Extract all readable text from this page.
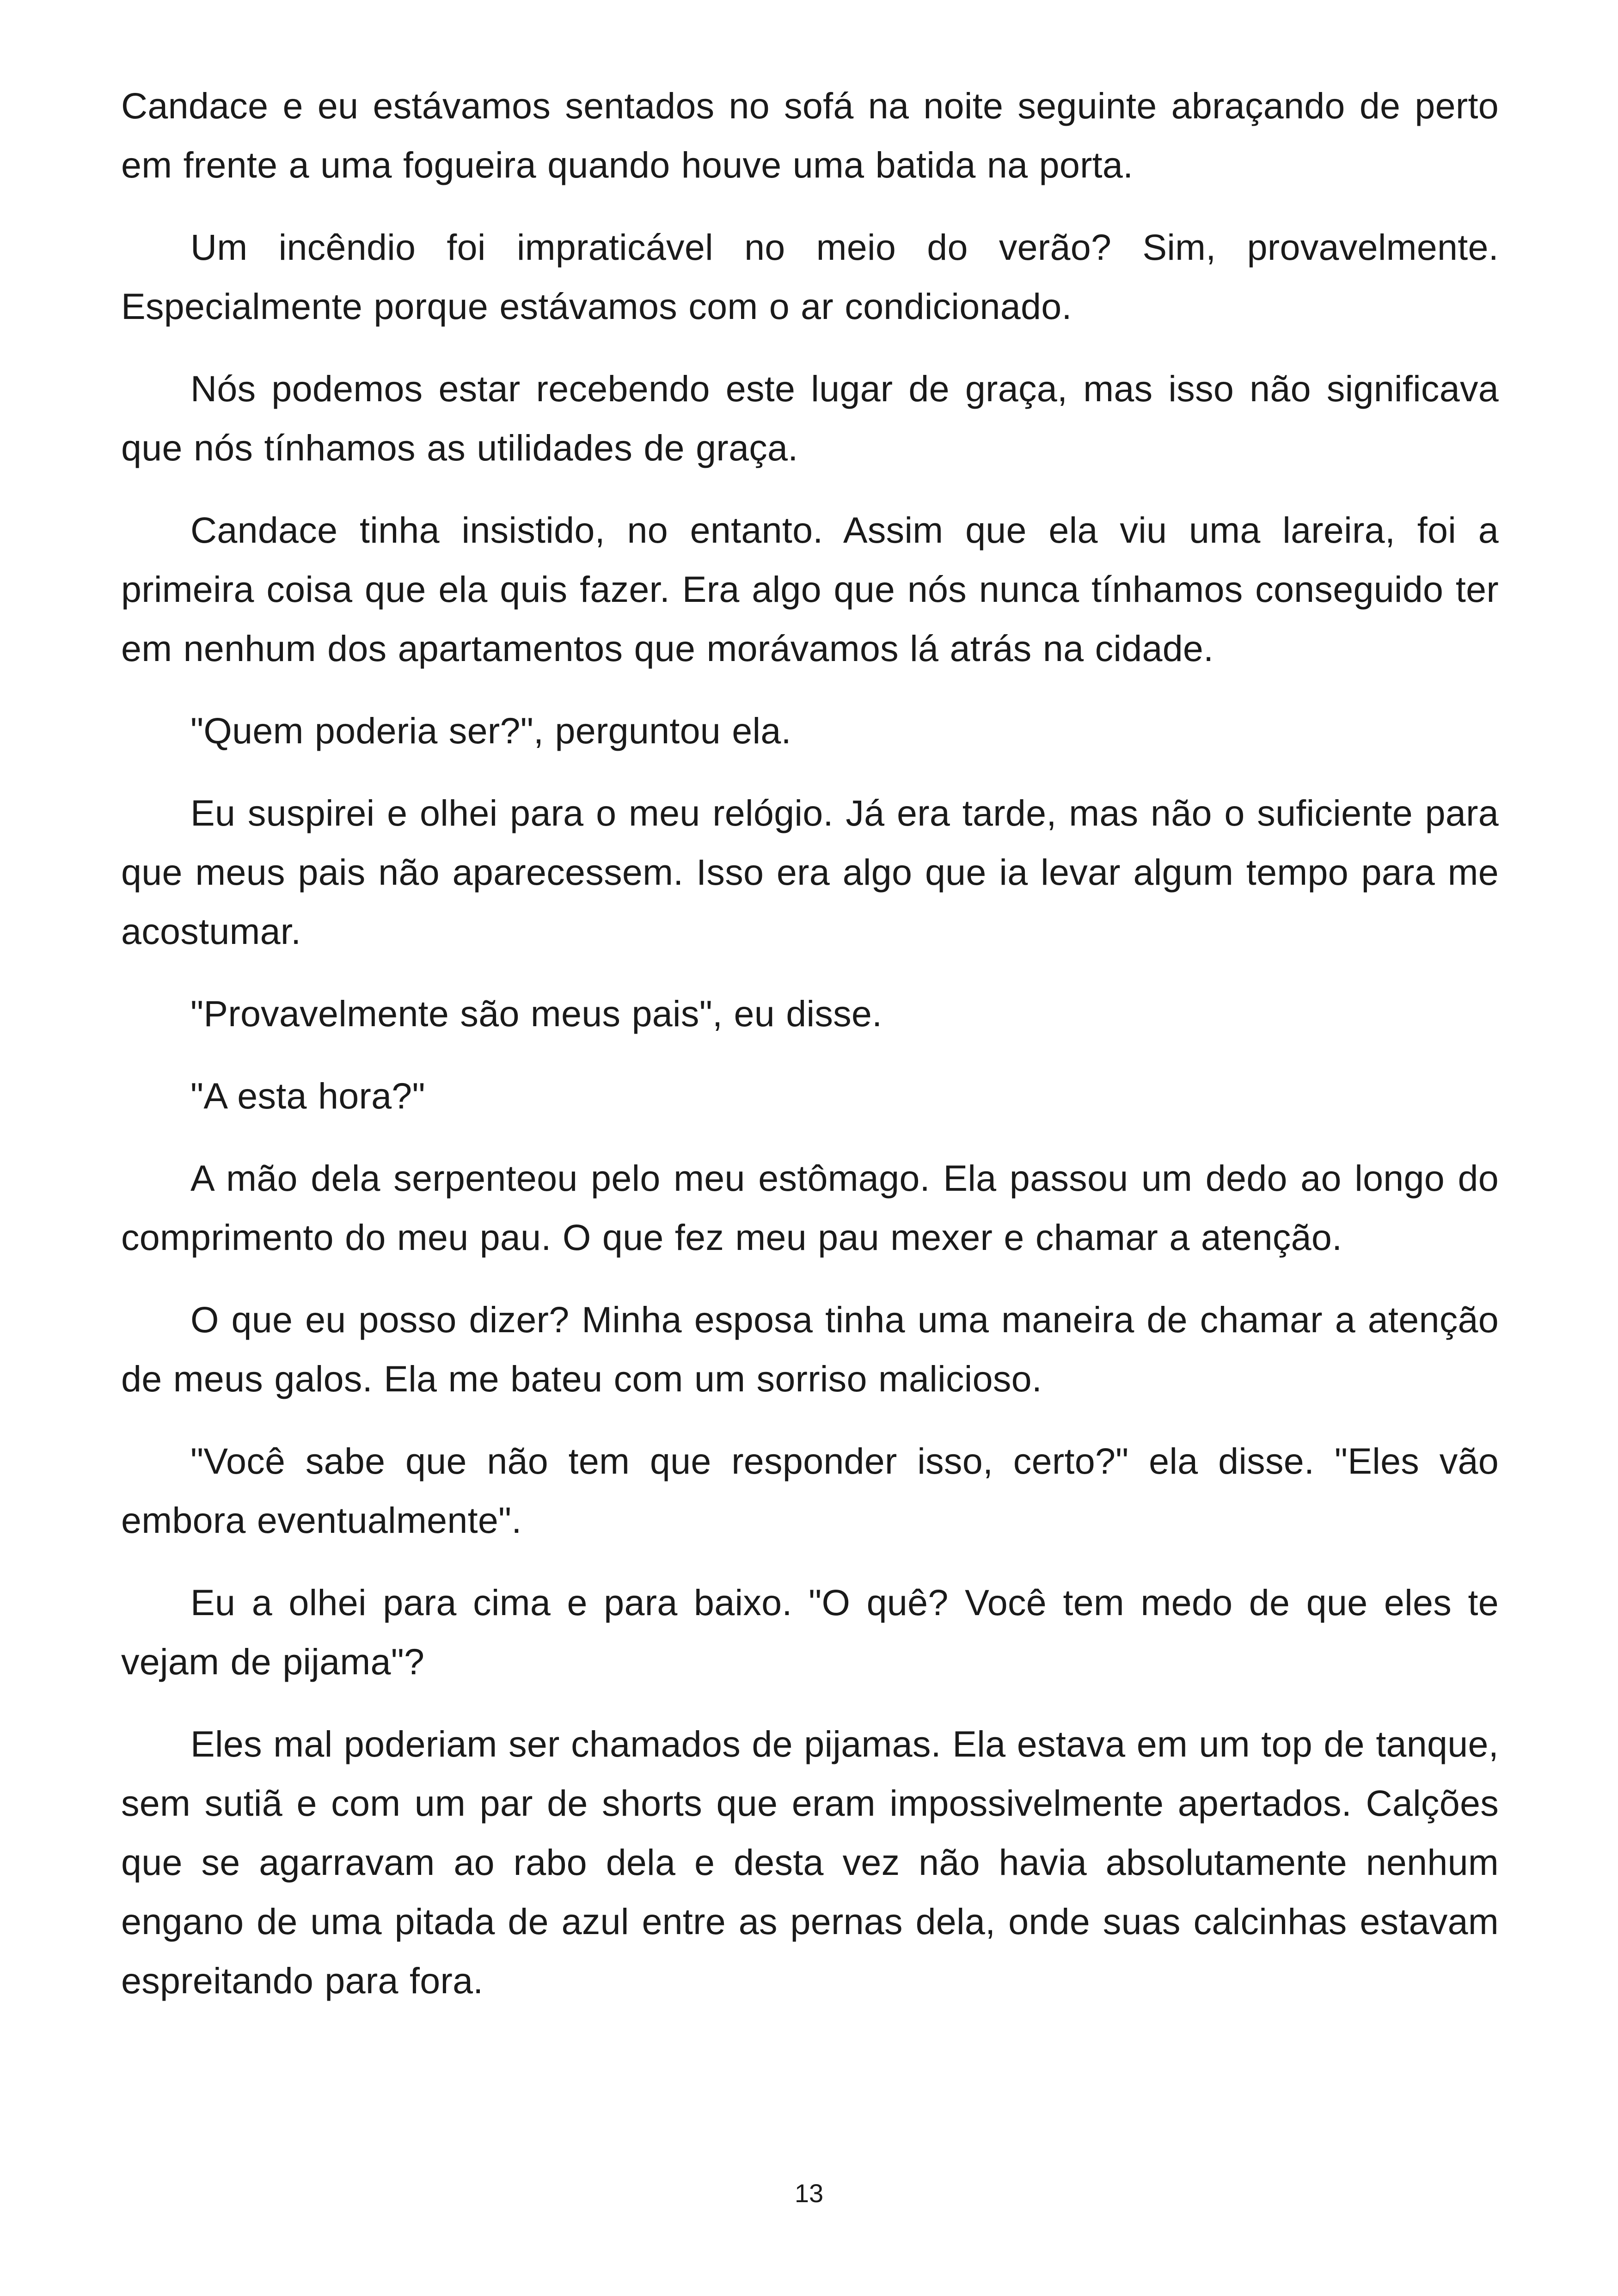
Candace e eu estávamos sentados no sofá na noite seguinte abraçando de perto em frente a uma fogueira quando houve uma batida na porta.

Um incêndio foi impraticável no meio do verão? Sim, provavelmente. Especialmente porque estávamos com o ar condicionado.

Nós podemos estar recebendo este lugar de graça, mas isso não significava que nós tínhamos as utilidades de graça.

Candace tinha insistido, no entanto. Assim que ela viu uma lareira, foi a primeira coisa que ela quis fazer. Era algo que nós nunca tínhamos conseguido ter em nenhum dos apartamentos que morávamos lá atrás na cidade.

"Quem poderia ser?", perguntou ela.

Eu suspirei e olhei para o meu relógio. Já era tarde, mas não o suficiente para que meus pais não aparecessem. Isso era algo que ia levar algum tempo para me acostumar.

"Provavelmente são meus pais", eu disse.

"A esta hora?"

A mão dela serpenteou pelo meu estômago. Ela passou um dedo ao longo do comprimento do meu pau. O que fez meu pau mexer e chamar a atenção.

O que eu posso dizer? Minha esposa tinha uma maneira de chamar a atenção de meus galos. Ela me bateu com um sorriso malicioso.

"Você sabe que não tem que responder isso, certo?" ela disse. "Eles vão embora eventualmente".

Eu a olhei para cima e para baixo. "O quê? Você tem medo de que eles te vejam de pijama"?

Eles mal poderiam ser chamados de pijamas. Ela estava em um top de tanque, sem sutiã e com um par de shorts que eram impossivelmente apertados. Calções que se agarravam ao rabo dela e desta vez não havia absolutamente nenhum engano de uma pitada de azul entre as pernas dela, onde suas calcinhas estavam espreitando para fora.

13
